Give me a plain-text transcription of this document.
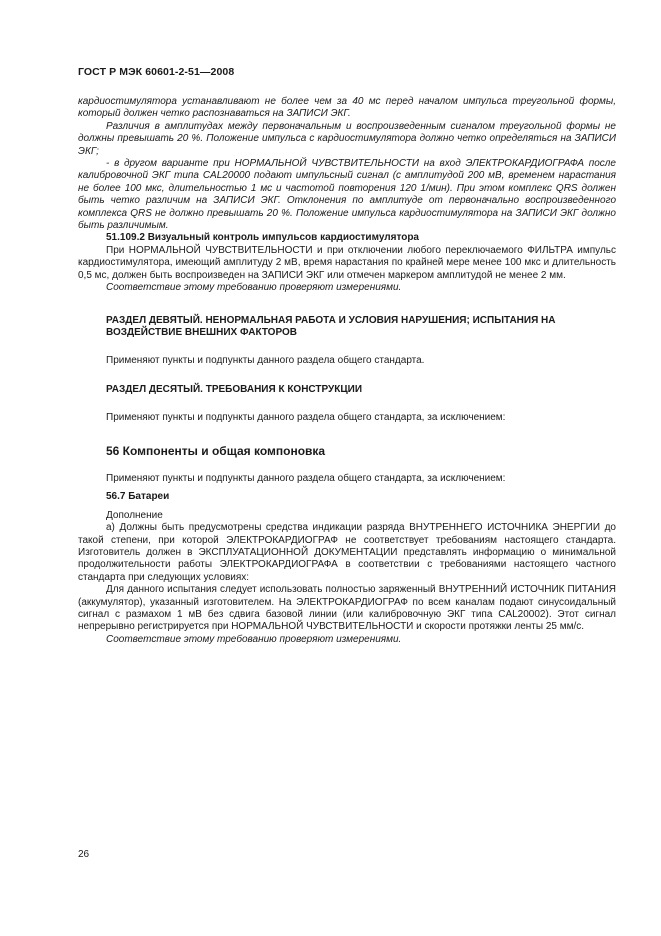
ГОСТ Р МЭК 60601-2-51—2008

кардиостимулятора устанавливают не более чем за 40 мс перед началом импульса треугольной формы, который должен четко распознаваться на ЗАПИСИ ЭКГ.

Различия в амплитудах между первоначальным и воспроизведенным сигналом треугольной формы не должны превышать 20 %. Положение импульса с кардиостимулятора должно четко определяться на ЗАПИСИ ЭКГ;

- в другом варианте при НОРМАЛЬНОЙ ЧУВСТВИТЕЛЬНОСТИ на вход ЭЛЕКТРОКАРДИОГРАФА после калибровочной ЭКГ типа CAL20000 подают импульсный сигнал (с амплитудой 200 мВ, временем нарастания не более 100 мкс, длительностью 1 мс и частотой повторения 120 1/мин). При этом комплекс QRS должен быть четко различим на ЗАПИСИ ЭКГ. Отклонения по амплитуде от первоначально воспроизведенного комплекса QRS не должно превышать 20 %. Положение импульса кардиостимулятора на ЗАПИСИ ЭКГ должно быть различимым.

51.109.2 Визуальный контроль импульсов кардиостимулятора

При НОРМАЛЬНОЙ ЧУВСТВИТЕЛЬНОСТИ и при отключении любого переключаемого ФИЛЬТРА импульс кардиостимулятора, имеющий амплитуду 2 мВ, время нарастания по крайней мере менее 100 мкс и длительность 0,5 мс, должен быть воспроизведен на ЗАПИСИ ЭКГ или отмечен маркером амплитудой не менее 2 мм.

Соответствие этому требованию проверяют измерениями.

РАЗДЕЛ ДЕВЯТЫЙ. НЕНОРМАЛЬНАЯ РАБОТА И УСЛОВИЯ НАРУШЕНИЯ; ИСПЫТАНИЯ НА ВОЗДЕЙСТВИЕ ВНЕШНИХ ФАКТОРОВ

Применяют пункты и подпункты данного раздела общего стандарта.

РАЗДЕЛ ДЕСЯТЫЙ. ТРЕБОВАНИЯ К КОНСТРУКЦИИ

Применяют пункты и подпункты данного раздела общего стандарта, за исключением:

56 Компоненты и общая компоновка

Применяют пункты и подпункты данного раздела общего стандарта, за исключением:

56.7 Батареи

Дополнение

а) Должны быть предусмотрены средства индикации разряда ВНУТРЕННЕГО ИСТОЧНИКА ЭНЕРГИИ до такой степени, при которой ЭЛЕКТРОКАРДИОГРАФ не соответствует требованиям настоящего стандарта. Изготовитель должен в ЭКСПЛУАТАЦИОННОЙ ДОКУМЕНТАЦИИ представлять информацию о минимальной продолжительности работы ЭЛЕКТРОКАРДИОГРАФА в соответствии с требованиями настоящего частного стандарта при следующих условиях:

Для данного испытания следует использовать полностью заряженный ВНУТРЕННИЙ ИСТОЧНИК ПИТАНИЯ (аккумулятор), указанный изготовителем. На ЭЛЕКТРОКАРДИОГРАФ по всем каналам подают синусоидальный сигнал с размахом 1 мВ без сдвига базовой линии (или калибровочную ЭКГ типа CAL20002). Этот сигнал непрерывно регистрируется при НОРМАЛЬНОЙ ЧУВСТВИТЕЛЬНОСТИ и скорости протяжки ленты 25 мм/с.

Соответствие этому требованию проверяют измерениями.

26
